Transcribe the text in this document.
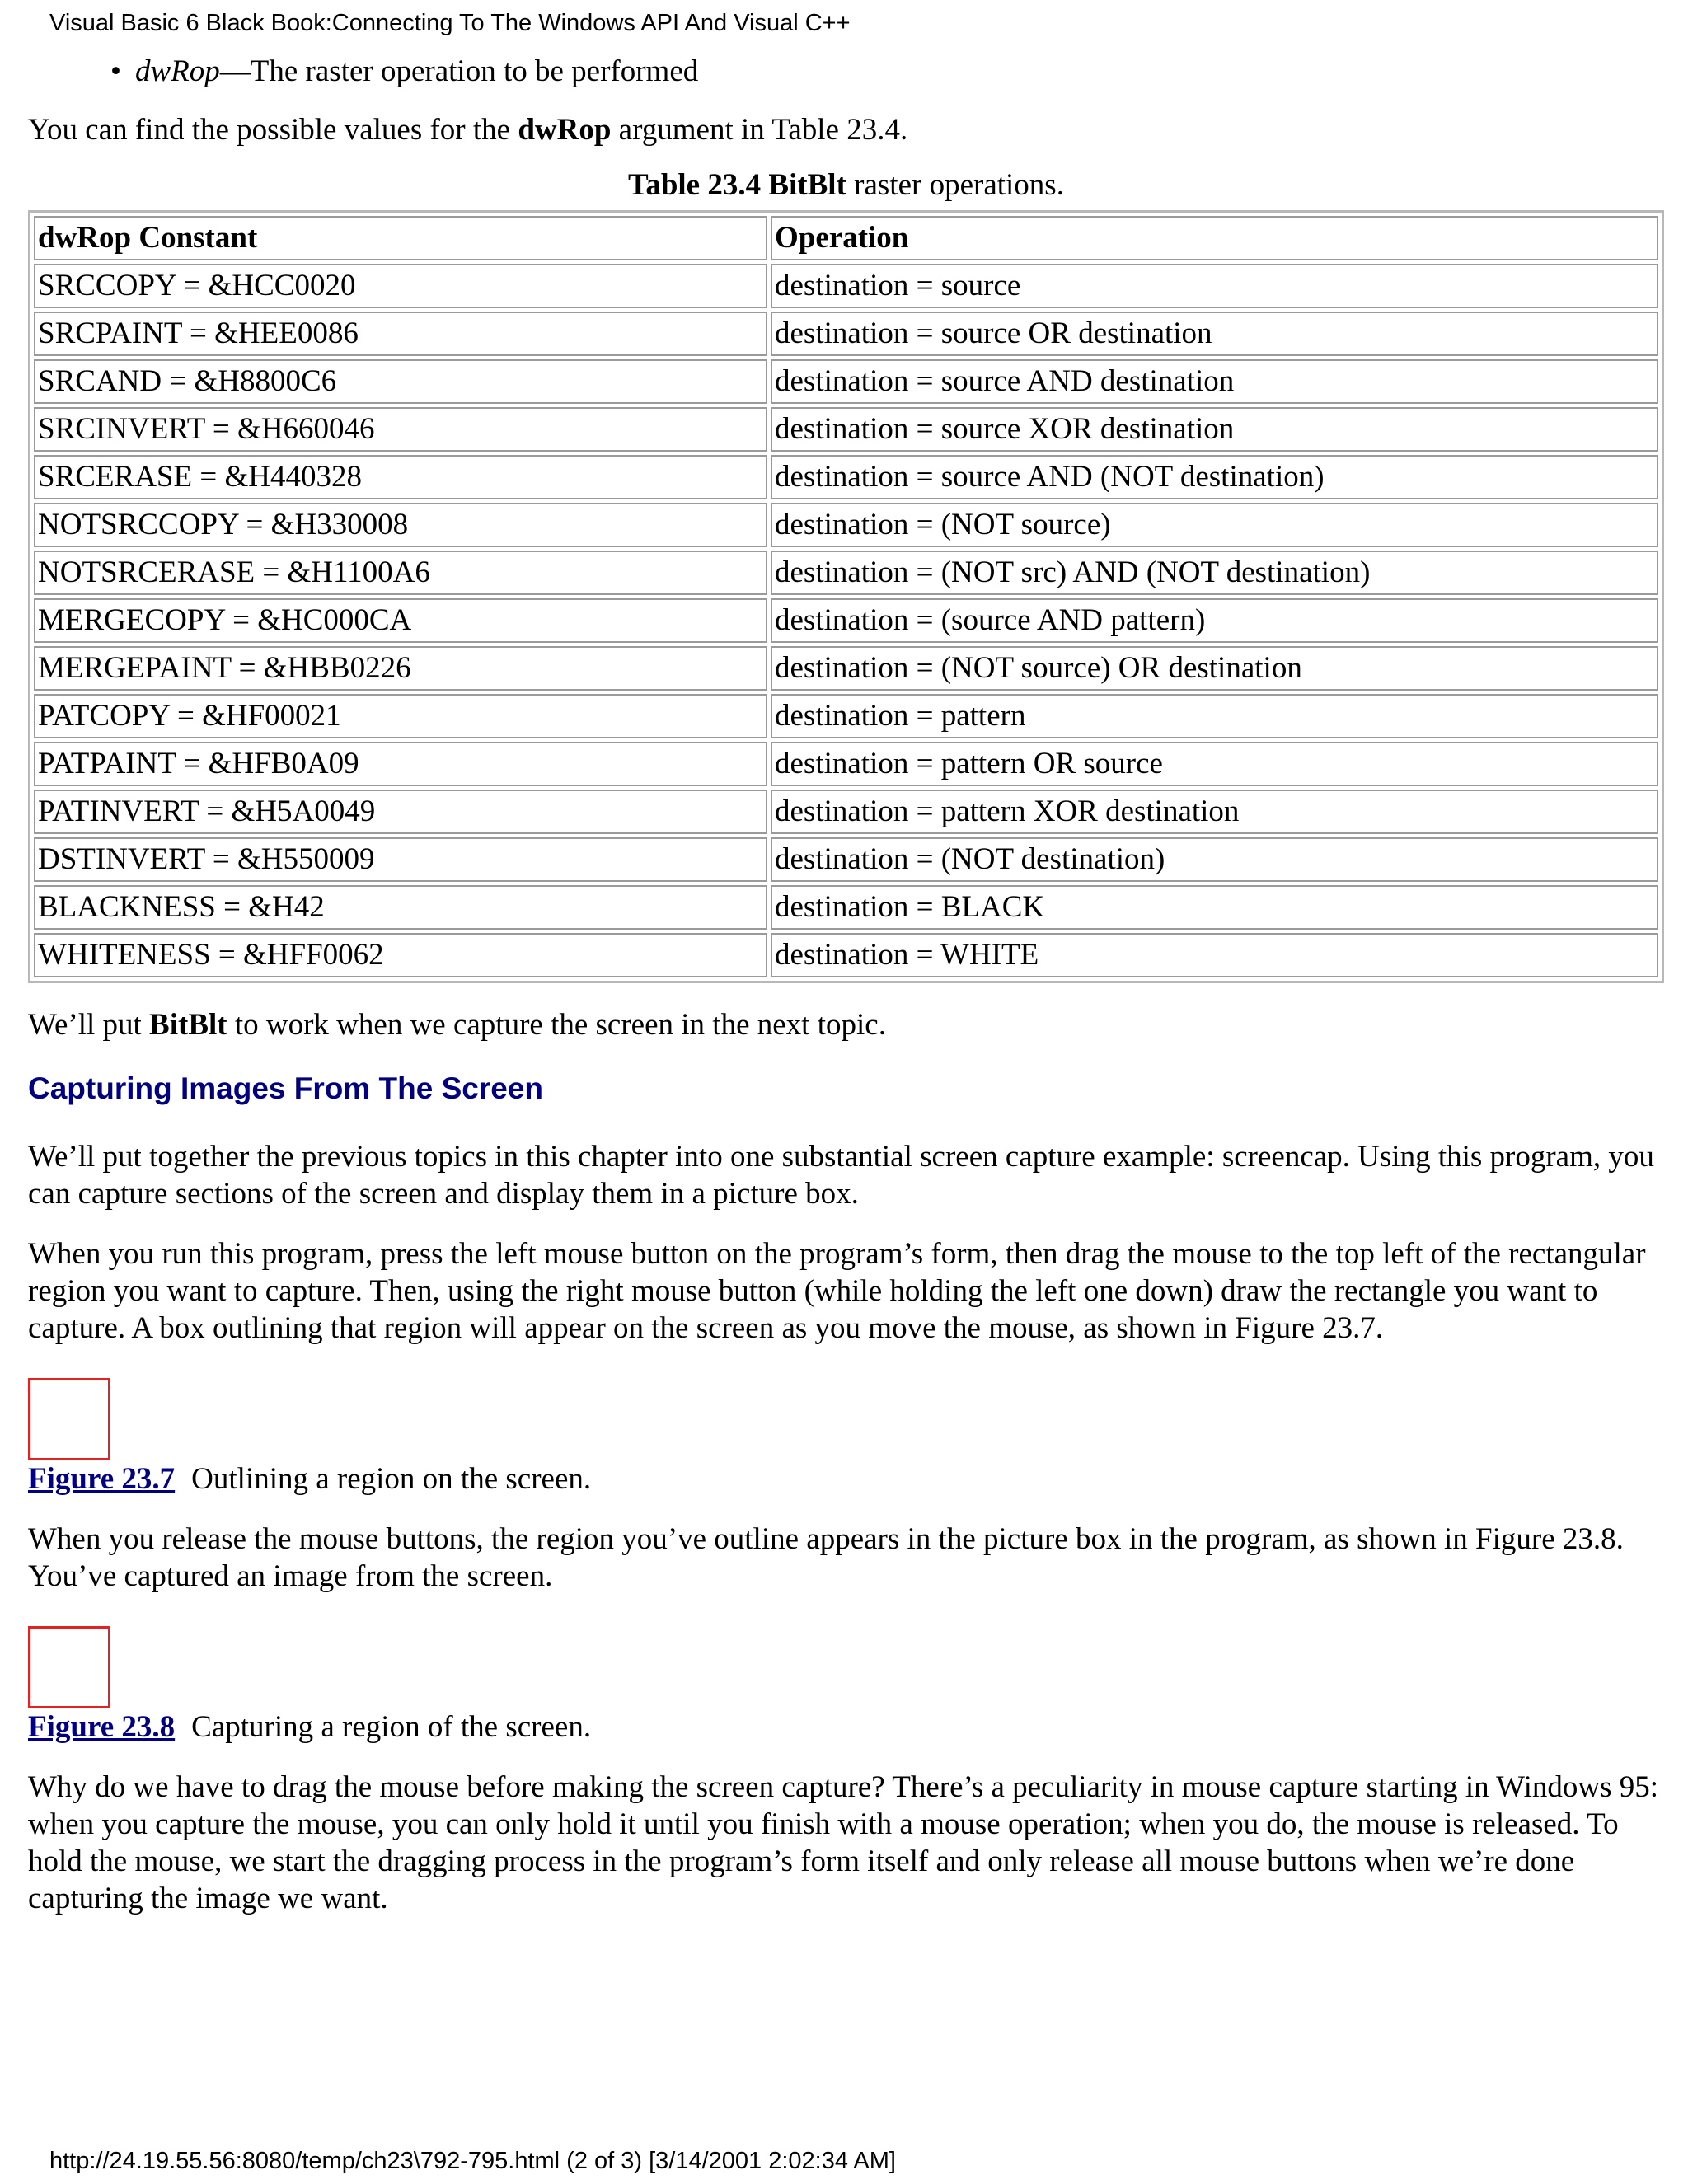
Visual Basic 6 Black Book:Connecting To The Windows API And Visual C++
• dwRop—The raster operation to be performed

You can find the possible values for the dwRop argument in Table 23.4.

Table 23.4 BitBlt raster operations.
dwRop Constant	Operation
SRCCOPY = &HCC0020	destination = source
SRCPAINT = &HEE0086	destination = source OR destination
SRCAND = &H8800C6	destination = source AND destination
SRCINVERT = &H660046	destination = source XOR destination
SRCERASE = &H440328	destination = source AND (NOT destination)
NOTSRCCOPY = &H330008	destination = (NOT source)
NOTSRCERASE = &H1100A6	destination = (NOT src) AND (NOT destination)
MERGECOPY = &HC000CA	destination = (source AND pattern)
MERGEPAINT = &HBB0226	destination = (NOT source) OR destination
PATCOPY = &HF00021	destination = pattern
PATPAINT = &HFB0A09	destination = pattern OR source
PATINVERT = &H5A0049	destination = pattern XOR destination
DSTINVERT = &H550009	destination = (NOT destination)
BLACKNESS = &H42	destination = BLACK
WHITENESS = &HFF0062	destination = WHITE

We’ll put BitBlt to work when we capture the screen in the next topic.

Capturing Images From The Screen

We’ll put together the previous topics in this chapter into one substantial screen capture example: screencap. Using this program, you can capture sections of the screen and display them in a picture box.

When you run this program, press the left mouse button on the program’s form, then drag the mouse to the top left of the rectangular region you want to capture. Then, using the right mouse button (while holding the left one down) draw the rectangle you want to capture. A box outlining that region will appear on the screen as you move the mouse, as shown in Figure 23.7.

Figure 23.7 Outlining a region on the screen.

When you release the mouse buttons, the region you’ve outline appears in the picture box in the program, as shown in Figure 23.8. You’ve captured an image from the screen.

Figure 23.8 Capturing a region of the screen.

Why do we have to drag the mouse before making the screen capture? There’s a peculiarity in mouse capture starting in Windows 95: when you capture the mouse, you can only hold it until you finish with a mouse operation; when you do, the mouse is released. To hold the mouse, we start the dragging process in the program’s form itself and only release all mouse buttons when we’re done capturing the image we want.

http://24.19.55.56:8080/temp/ch23\792-795.html (2 of 3) [3/14/2001 2:02:34 AM]
